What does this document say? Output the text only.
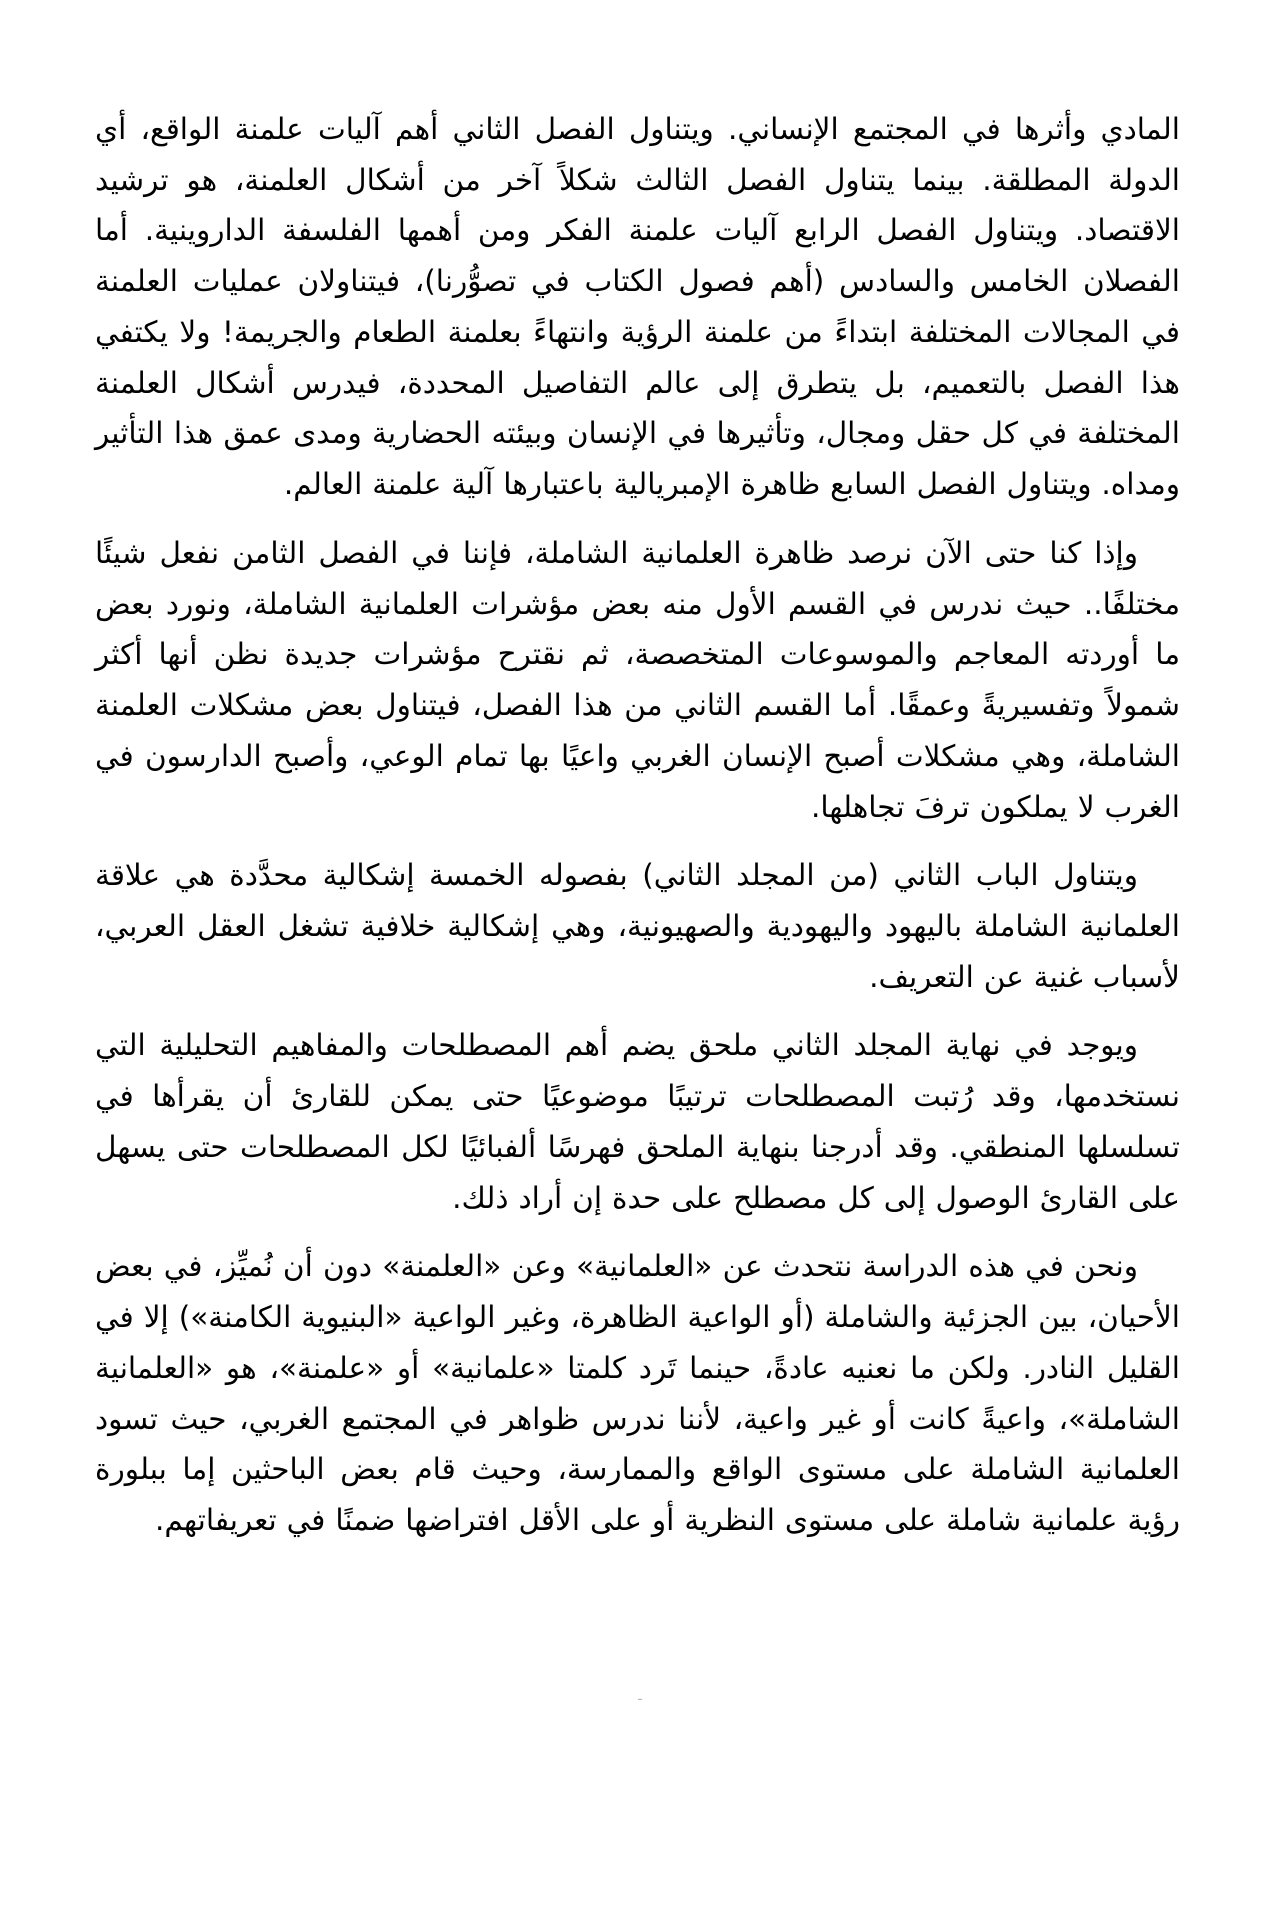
المادي وأثرها في المجتمع الإنساني. ويتناول الفصل الثاني أهم آليات علمنة الواقع، أي الدولة المطلقة. بينما يتناول الفصل الثالث شكلاً آخر من أشكال العلمنة، هو ترشيد الاقتصاد. ويتناول الفصل الرابع آليات علمنة الفكر ومن أهمها الفلسفة الداروينية. أما الفصلان الخامس والسادس (أهم فصول الكتاب في تصوُّرنا)، فيتناولان عمليات العلمنة في المجالات المختلفة ابتداءً من علمنة الرؤية وانتهاءً بعلمنة الطعام والجريمة! ولا يكتفي هذا الفصل بالتعميم، بل يتطرق إلى عالم التفاصيل المحددة، فيدرس أشكال العلمنة المختلفة في كل حقل ومجال، وتأثيرها في الإنسان وبيئته الحضارية ومدى عمق هذا التأثير ومداه. ويتناول الفصل السابع ظاهرة الإمبريالية باعتبارها آلية علمنة العالم.

وإذا كنا حتى الآن نرصد ظاهرة العلمانية الشاملة، فإننا في الفصل الثامن نفعل شيئًا مختلفًا.. حيث ندرس في القسم الأول منه بعض مؤشرات العلمانية الشاملة، ونورد بعض ما أوردته المعاجم والموسوعات المتخصصة، ثم نقترح مؤشرات جديدة نظن أنها أكثر شمولاً وتفسيريةً وعمقًا. أما القسم الثاني من هذا الفصل، فيتناول بعض مشكلات العلمنة الشاملة، وهي مشكلات أصبح الإنسان الغربي واعيًا بها تمام الوعي، وأصبح الدارسون في الغرب لا يملكون ترفَ تجاهلها.

ويتناول الباب الثاني (من المجلد الثاني) بفصوله الخمسة إشكالية محدَّدة هي علاقة العلمانية الشاملة باليهود واليهودية والصهيونية، وهي إشكالية خلافية تشغل العقل العربي، لأسباب غنية عن التعريف.

ويوجد في نهاية المجلد الثاني ملحق يضم أهم المصطلحات والمفاهيم التحليلية التي نستخدمها، وقد رُتبت المصطلحات ترتيبًا موضوعيًا حتى يمكن للقارئ أن يقرأها في تسلسلها المنطقي. وقد أدرجنا بنهاية الملحق فهرسًا ألفبائيًا لكل المصطلحات حتى يسهل على القارئ الوصول إلى كل مصطلح على حدة إن أراد ذلك.

ونحن في هذه الدراسة نتحدث عن «العلمانية» وعن «العلمنة» دون أن نُميِّز، في بعض الأحيان، بين الجزئية والشاملة (أو الواعية الظاهرة، وغير الواعية «البنيوية الكامنة») إلا في القليل النادر. ولكن ما نعنيه عادةً، حينما تَرد كلمتا «علمانية» أو «علمنة»، هو «العلمانية الشاملة»، واعيةً كانت أو غير واعية، لأننا ندرس ظواهر في المجتمع الغربي، حيث تسود العلمانية الشاملة على مستوى الواقع والممارسة، وحيث قام بعض الباحثين إما ببلورة رؤية علمانية شاملة على مستوى النظرية أو على الأقل افتراضها ضمنًا في تعريفاتهم.

ـ
